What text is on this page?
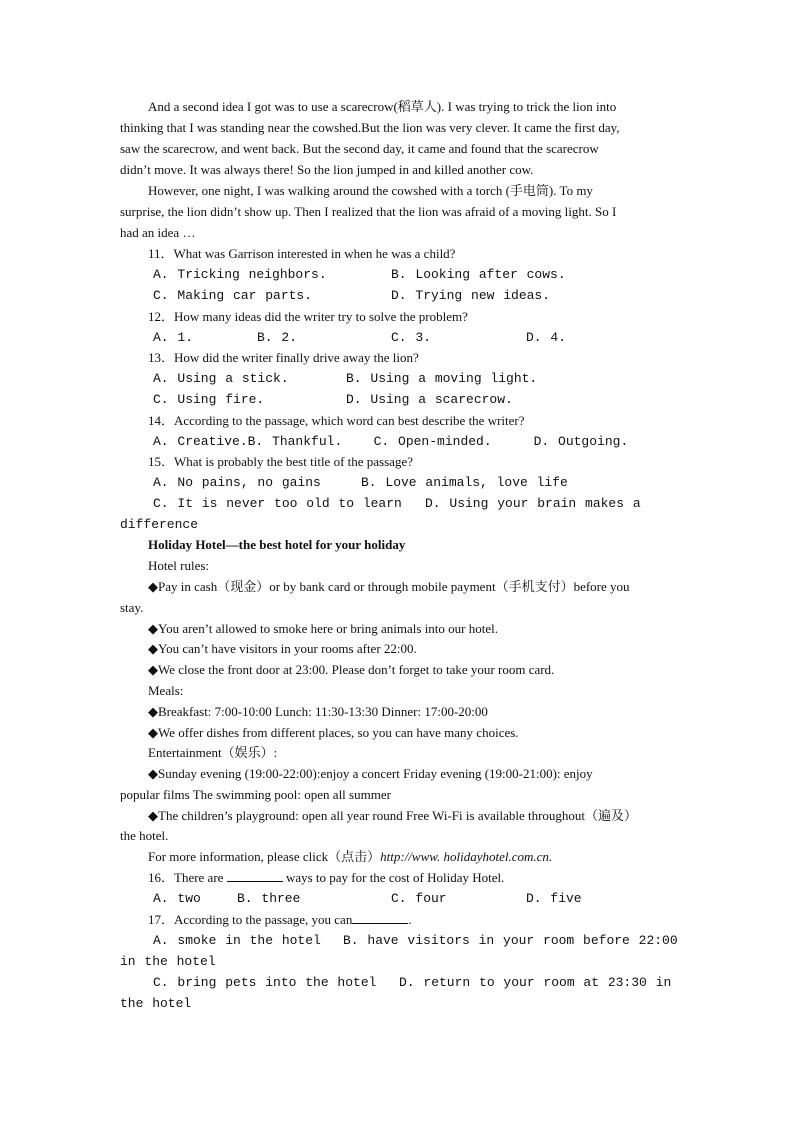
And a second idea I got was to use a scarecrow(稻草人). I was trying to trick the lion into
thinking that I was standing near the cowshed.But the lion was very clever. It came the first day,
saw the scarecrow, and went back. But the second day, it came and found that the scarecrow
didn’t move. It was always there! So the lion jumped in and killed another cow.
However, one night, I was walking around the cowshed with a torch (手电筒). To my
surprise, the lion didn’t show up. Then I realized that the lion was afraid of a moving light. So I
had an idea …
11．What was Garrison interested in when he was a child?
A. Tricking neighbors.	B. Looking after cows.
C. Making car parts.	D. Trying new ideas.
12．How many ideas did the writer try to solve the problem?
A. 1.	B. 2.	C. 3.	D. 4.
13．How did the writer finally drive away the lion?
A. Using a stick.	B. Using a moving light.
C. Using fire.	D. Using a scarecrow.
14．According to the passage, which word can best describe the writer?
A. Creative.B. Thankful. C. Open-minded.	D. Outgoing.
15．What is probably the best title of the passage?
A. No pains, no gains	B. Love animals, love life
C. It is never too old to learn D. Using your brain makes a
difference
Holiday Hotel—the best hotel for your holiday
Hotel rules:
◆Pay in cash（现金）or by bank card or through mobile payment（手机支付）before you
stay.
◆You aren’t allowed to smoke here or bring animals into our hotel.
◆You can’t have visitors in your rooms after 22:00.
◆We close the front door at 23:00. Please don’t forget to take your room card.
Meals:
◆Breakfast: 7:00-10:00 Lunch: 11:30-13:30 Dinner: 17:00-20:00
◆We offer dishes from different places, so you can have many choices.
Entertainment（娱乐）:
◆Sunday evening (19:00-22:00):enjoy a concert Friday evening (19:00-21:00): enjoy
popular films The swimming pool: open all summer
◆The children’s playground: open all year round Free Wi-Fi is available throughout（遍及）
the hotel.
For more information, please click（点击）http://www. holidayhotel.com.cn.
16．There are	ways to pay for the cost of Holiday Hotel.
A. two	B. three	C. four	D. five
17．According to the passage, you can	.
A. smoke in the hotel B. have visitors in your room before 22:00
in the hotel
C. bring pets into the hotel D. return to your room at 23:30 in
the hotel
